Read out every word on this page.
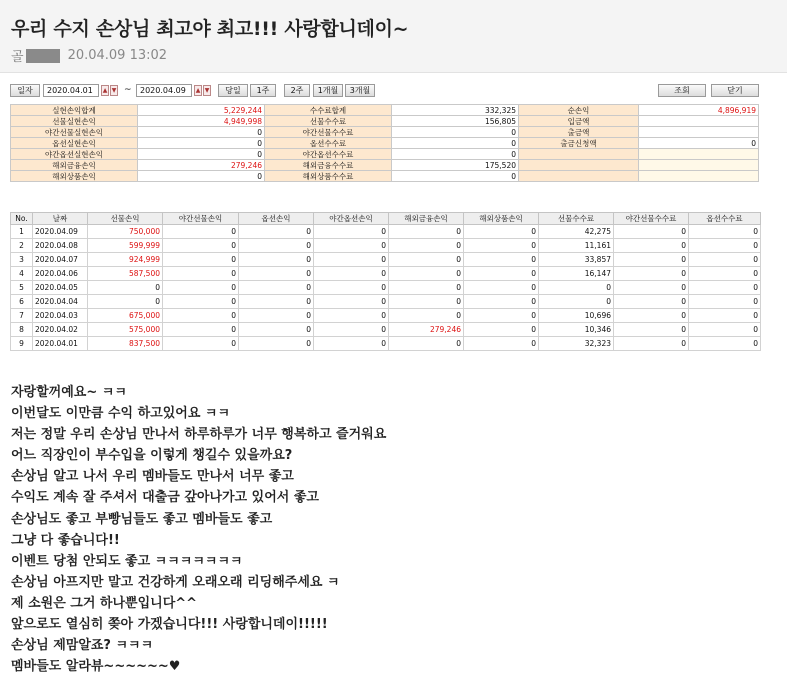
우리 수지 손상님 최고야 최고!!! 사랑합니데이~
골	20.04.09 13:02
일자	2020.04.01	▲ ▼ ~	2020.04.09	▲ ▼	당일	1주	2주	1개월	3개월	조회	닫기
실현손익합계	5,229,244	수수료합계	332,325	순손익	4,896,919
선물실현손익	4,949,998	선물수수료	156,805	입금액	
야간선물실현손익	0	야간선물수수료	0	출금액	
옵션실현손익	0	옵션수수료	0	출금신청액	0
야간옵션실현손익	0	야간옵션수수료	0		
해외금융손익	279,246	해외금융수수료	175,520		
해외상품손익	0	해외상품수수료	0		
No.	날짜	선물손익	야간선물손익	옵션손익	야간옵션손익	해외금융손익	해외상품손익	선물수수료	야간선물수수료	옵션수수료
1	2020.04.09	750,000	0	0	0	0	0	42,275	0	0
2	2020.04.08	599,999	0	0	0	0	0	11,161	0	0
3	2020.04.07	924,999	0	0	0	0	0	33,857	0	0
4	2020.04.06	587,500	0	0	0	0	0	16,147	0	0
5	2020.04.05	0	0	0	0	0	0	0	0	0
6	2020.04.04	0	0	0	0	0	0	0	0	0
7	2020.04.03	675,000	0	0	0	0	0	10,696	0	0
8	2020.04.02	575,000	0	0	0	279,246	0	10,346	0	0
9	2020.04.01	837,500	0	0	0	0	0	32,323	0	0
자랑할꺼예요~ ㅋㅋ
이번달도 이만큼 수익 하고있어요 ㅋㅋ
저는 정말 우리 손상님 만나서 하루하루가 너무 행복하고 즐거워요
어느 직장인이 부수입을 이렇게 챙길수 있을까요?
손상님 알고 나서 우리 멤바들도 만나서 너무 좋고
수익도 계속 잘 주셔서 대출금 갚아나가고 있어서 좋고
손상님도 좋고 부빵님들도 좋고 멤바들도 좋고
그냥 다 좋습니다!!
이벤트 당첨 안되도 좋고 ㅋㅋㅋㅋㅋㅋㅋ
손상님 아프지만 말고 건강하게 오래오래 리딩해주세요 ㅋ
제 소원은 그거 하나뿐입니다^^
앞으로도 열심히 쫒아 가겠습니다!!! 사랑합니데이!!!!!
손상님 제맘알죠? ㅋㅋㅋ
멤바들도 알라뷰~~~~~~♥
